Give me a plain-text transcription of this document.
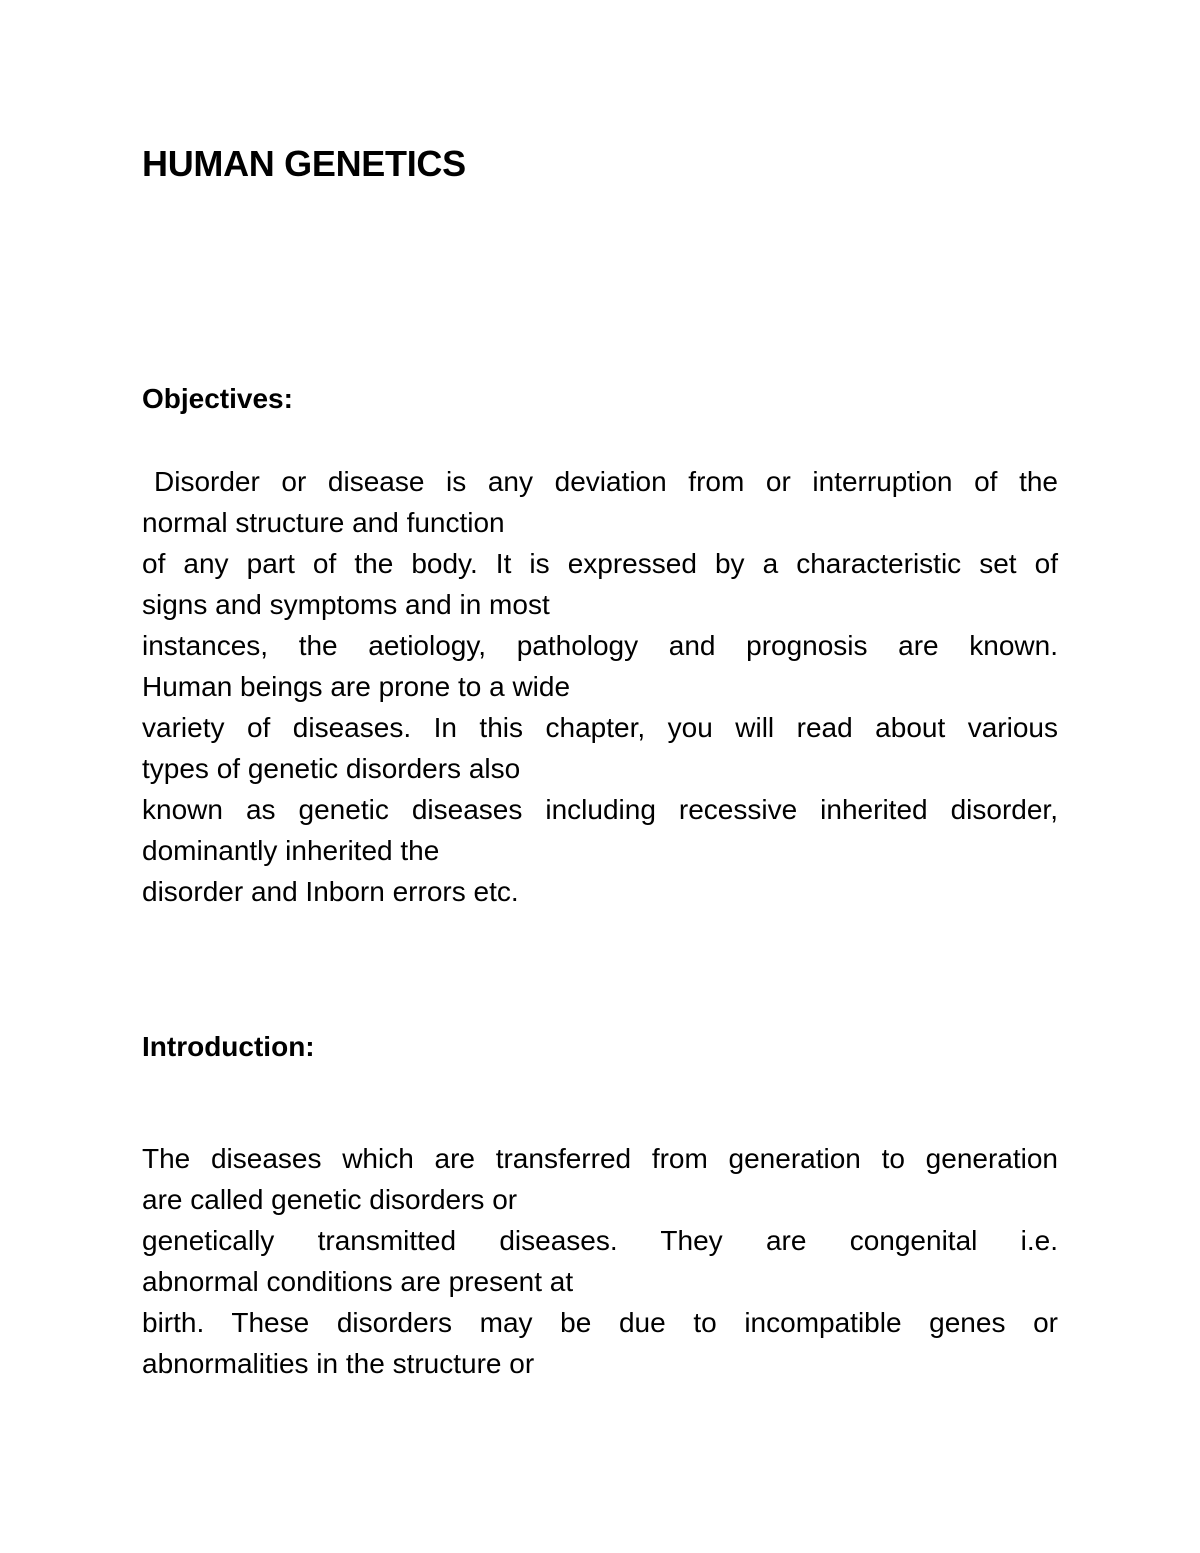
HUMAN GENETICS
Objectives:
Disorder or disease is any deviation from or interruption of the
normal structure and function
of any part of the body. It is expressed by a characteristic set of
signs and symptoms and in most
instances, the aetiology, pathology and prognosis are known.
Human beings are prone to a wide
variety of diseases. In this chapter, you will read about various
types of genetic disorders also
known as genetic diseases including recessive inherited disorder,
dominantly inherited the
disorder and Inborn errors etc.
Introduction:
The diseases which are transferred from generation to generation
are called genetic disorders or
genetically transmitted diseases. They are congenital i.e.
abnormal conditions are present at
birth. These disorders may be due to incompatible genes or
abnormalities in the structure or
